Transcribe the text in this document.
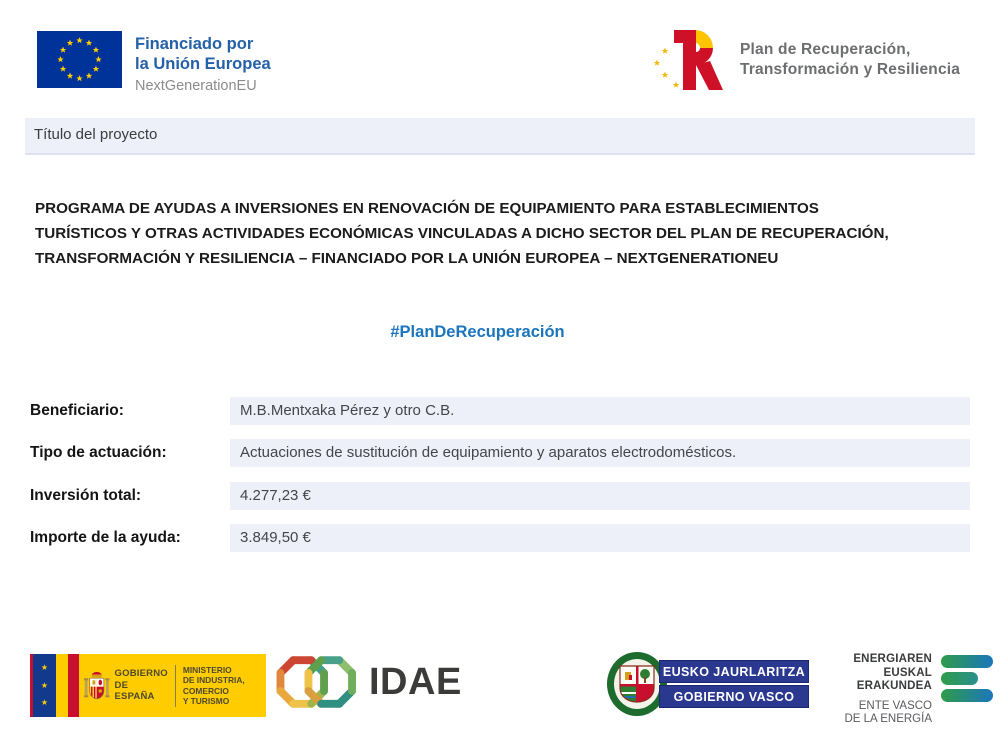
Financiado por
la Unión Europea
NextGenerationEU
Plan de Recuperación,
Transformación y Resiliencia
Título del proyecto
PROGRAMA DE AYUDAS A INVERSIONES EN RENOVACIÓN DE EQUIPAMIENTO PARA ESTABLECIMIENTOS
TURÍSTICOS Y OTRAS ACTIVIDADES ECONÓMICAS VINCULADAS A DICHO SECTOR DEL PLAN DE RECUPERACIÓN,
TRANSFORMACIÓN Y RESILIENCIA – FINANCIADO POR LA UNIÓN EUROPEA – NEXTGENERATIONEU
#PlanDeRecuperación
Beneficiario:	M.B.Mentxaka Pérez y otro C.B.
Tipo de actuación:	Actuaciones de sustitución de equipamiento y aparatos electrodomésticos.
Inversión total:	4.277,23 €
Importe de la ayuda:	3.849,50 €
★
★
★
GOBIERNO
DE ESPAÑA
MINISTERIO
DE INDUSTRIA, COMERCIO
Y TURISMO	IDAE	EUSKO JAURLARITZA
GOBIERNO VASCO
ENERGIAREN
EUSKAL ERAKUNDEA
ENTE VASCO
DE LA ENERGÍA
